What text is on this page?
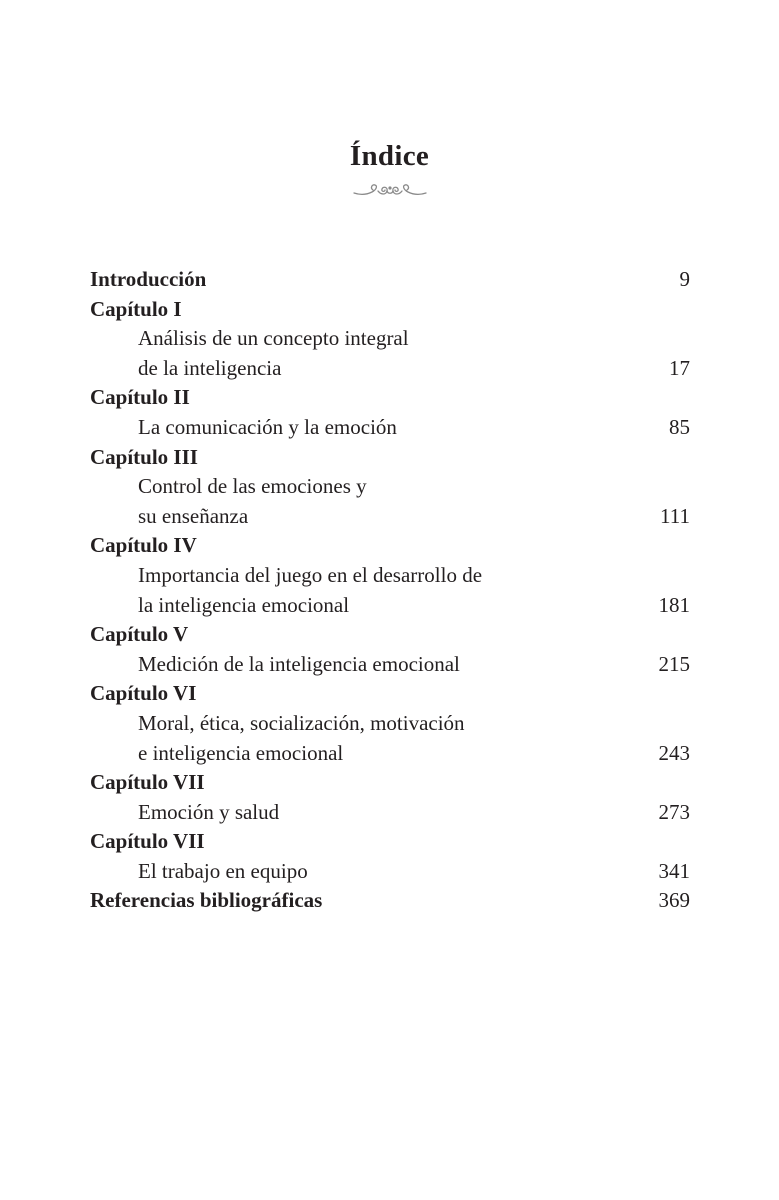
Índice
Introducción	9
Capítulo I
Análisis de un concepto integral
de la inteligencia	17
Capítulo II
La comunicación y la emoción	85
Capítulo III
Control de las emociones y
su enseñanza	111
Capítulo IV
Importancia del juego en el desarrollo de
la inteligencia emocional	181
Capítulo V
Medición de la inteligencia emocional	215
Capítulo VI
Moral, ética, socialización, motivación
e inteligencia emocional	243
Capítulo VII
Emoción y salud	273
Capítulo VII
El trabajo en equipo	341
Referencias bibliográficas	369
